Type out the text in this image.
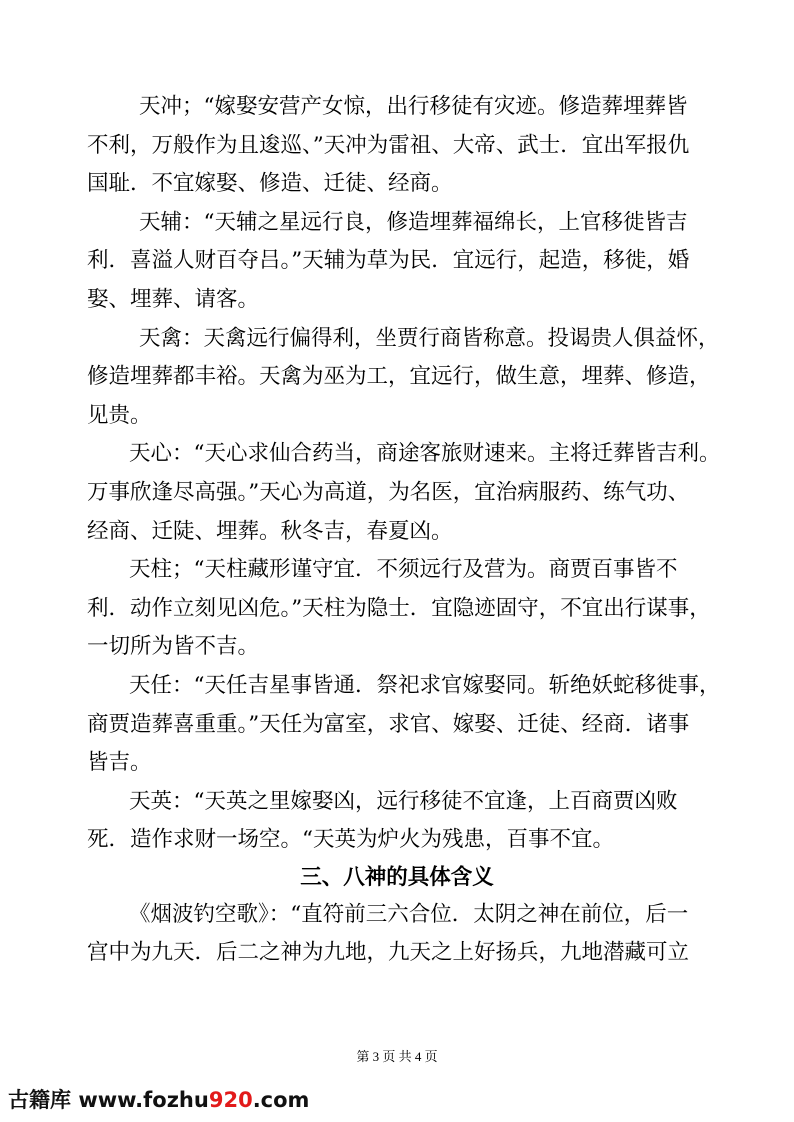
天冲；“嫁娶安营产女惊，出行移徒有灾迹。修造葬埋葬皆
不利，万般作为且逡巡、”天冲为雷祖、大帝、武士．宜出军报仇
国耻．不宜嫁娶、修造、迁徒、经商。
天辅：“天辅之星远行良，修造埋葬福绵长，上官移徙皆吉
利．喜溢人财百夺吕。”天辅为草为民．宜远行，起造，移徙，婚
娶、埋葬、请客。
天禽：天禽远行偏得利，坐贾行商皆称意。投谒贵人俱益怀，
修造埋葬都丰裕。天禽为巫为工，宜远行，做生意，埋葬、修造，
见贵。
天心：“天心求仙合药当，商途客旅财速来。主将迁葬皆吉利。
万事欣逢尽高强。”天心为高道，为名医，宜治病服药、练气功、
经商、迁陡、埋葬。秋冬吉，春夏凶。
天柱；“天柱藏形谨守宜．不须远行及营为。商贾百事皆不
利．动作立刻见凶危。”天柱为隐士．宜隐迹固守，不宜出行谋事，
一切所为皆不吉。
天任：“天任吉星事皆通．祭祀求官嫁娶同。斩绝妖蛇移徙事，
商贾造葬喜重重。”天任为富室，求官、嫁娶、迁徒、经商．诸事
皆吉。
天英：“天英之里嫁娶凶，远行移徒不宜逢，上百商贾凶败
死．造作求财一场空。“天英为炉火为残患，百事不宜。
三、八神的具体含义
《烟波钓空歌》：“直符前三六合位．太阴之神在前位，后一
宫中为九天．后二之神为九地，九天之上好扬兵，九地潜藏可立
第 3 页 共 4 页
古籍库 www.fozhu920.com
